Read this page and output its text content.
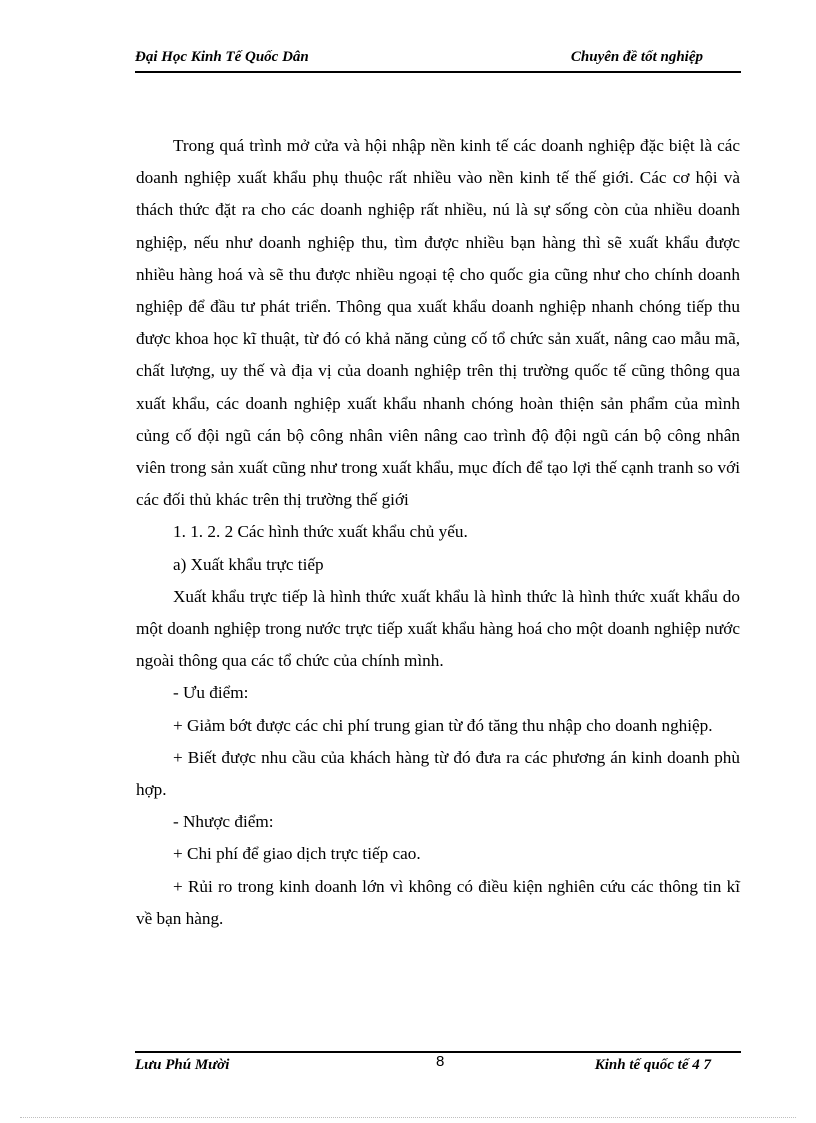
Đại Học Kinh Tế Quốc Dân	Chuyên đề tốt nghiệp

Trong quá trình mở cửa và hội nhập nền kinh tế các doanh nghiệp đặc biệt là các doanh nghiệp xuất khẩu phụ thuộc rất nhiều vào nền kinh tế thế giới. Các cơ hội và thách thức đặt ra cho các doanh nghiệp rất nhiều, nú là sự sống còn của nhiều doanh nghiệp, nếu như doanh nghiệp thu, tìm được nhiều bạn hàng thì sẽ xuất khẩu được nhiều hàng hoá và sẽ thu được nhiều ngoại tệ cho quốc gia cũng như cho chính doanh nghiệp để đầu tư phát triển. Thông qua xuất khẩu doanh nghiệp nhanh chóng tiếp thu được khoa học kĩ thuật, từ đó có khả năng củng cố tổ chức sản xuất, nâng cao mẫu mã, chất lượng, uy thế và địa vị của doanh nghiệp trên thị trường quốc tế cũng thông qua xuất khẩu, các doanh nghiệp xuất khẩu nhanh chóng hoàn thiện sản phẩm của mình củng cố đội ngũ cán bộ công nhân viên nâng cao trình độ đội ngũ cán bộ công nhân viên trong sản xuất cũng như trong xuất khẩu, mục đích để tạo lợi thế cạnh tranh so với các đối thủ khác trên thị trường thế giới

1. 1. 2. 2 Các hình thức xuất khẩu chủ yếu.

a) Xuất khẩu trực tiếp

Xuất khẩu trực tiếp là hình thức xuất khẩu là hình thức là hình thức xuất khẩu do một doanh nghiệp trong nước trực tiếp xuất khẩu hàng hoá cho một doanh nghiệp nước ngoài thông qua các tổ chức của chính mình.

- Ưu điểm:

+ Giảm bớt được các chi phí trung gian từ đó tăng thu nhập cho doanh nghiệp.

+ Biết được nhu cầu của khách hàng từ đó đưa ra các phương án kinh doanh phù hợp.

- Nhược điểm:

+ Chi phí để giao dịch trực tiếp cao.

+ Rủi ro trong kinh doanh lớn vì không có điều kiện nghiên cứu các thông tin kĩ về bạn hàng.

Lưu Phú Mười	8	Kinh tế quốc tế 4 7
